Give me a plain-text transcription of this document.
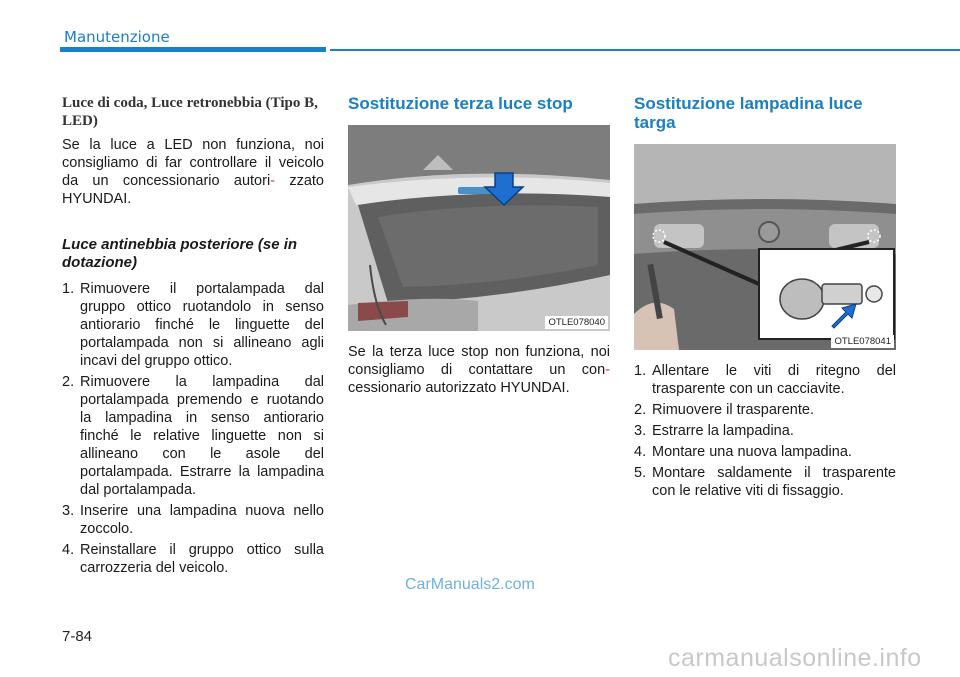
Manutenzione
Luce di coda, Luce retronebbia (Tipo B, LED)

Se la luce a LED non funziona, noi consigliamo di far controllare il veicolo da un concessionario autori- zzato HYUNDAI.

Luce antinebbia posteriore (se in dotazione)
1. Rimuovere il portalampada dal gruppo ottico ruotandolo in senso antiorario finché le linguette del portalampada non si allineano agli incavi del gruppo ottico.
2. Rimuovere la lampadina dal portalampada premendo e ruotando la lampadina in senso antiorario finché le relative linguette non si allineano con le asole del portalampada. Estrarre la lampadina dal portalampada.
3. Inserire una lampadina nuova nello zoccolo.
4. Reinstallare il gruppo ottico sulla carrozzeria del veicolo.
Sostituzione terza luce stop
OTLE078040

Se la terza luce stop non funziona, noi consigliamo di contattare un con- cessionario autorizzato HYUNDAI.

Sostituzione lampadina luce targa
OTLE078041
1. Allentare le viti di ritegno del trasparente con un cacciavite.
2. Rimuovere il trasparente.
3. Estrarre la lampadina.
4. Montare una nuova lampadina.
5. Montare saldamente il trasparente con le relative viti di fissaggio.
CarManuals2.com
7-84
carmanualsonline.info
